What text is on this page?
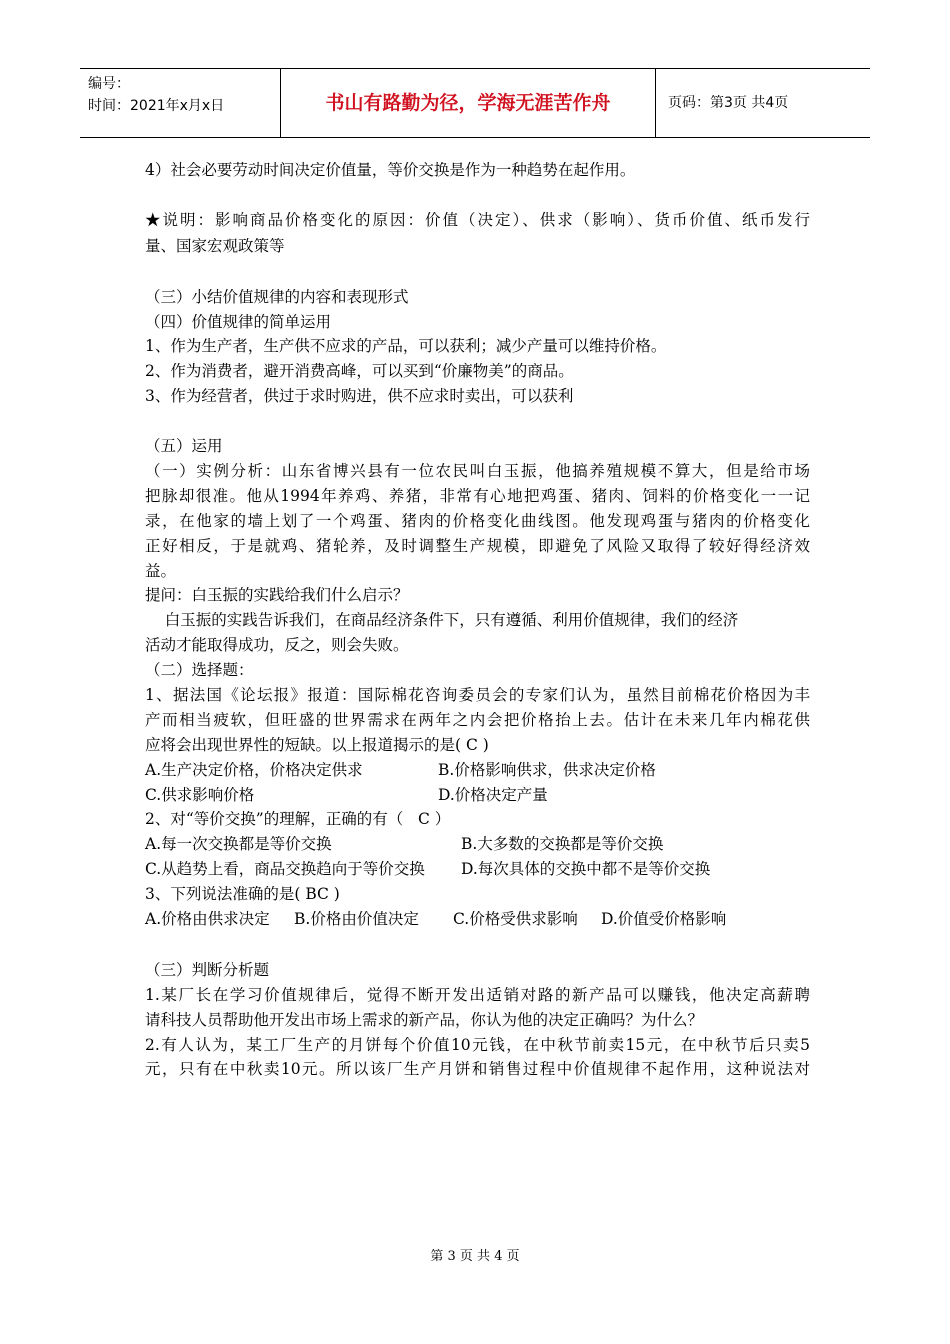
编号：
时间：2021年x月x日	书山有路勤为径，学海无涯苦作舟	页码：第3页 共4页
4）社会必要劳动时间决定价值量，等价交换是作为一种趋势在起作用。
★说明：影响商品价格变化的原因：价值（决定）、供求（影响）、货币价值、纸币发行
量、国家宏观政策等
（三）小结价值规律的内容和表现形式
（四）价值规律的简单运用
1、作为生产者，生产供不应求的产品，可以获利；减少产量可以维持价格。
2、作为消费者，避开消费高峰，可以买到“价廉物美”的商品。
3、作为经营者，供过于求时购进，供不应求时卖出，可以获利
（五）运用
（一）实例分析：山东省博兴县有一位农民叫白玉振，他搞养殖规模不算大，但是给市场
把脉却很准。他从1994年养鸡、养猪，非常有心地把鸡蛋、猪肉、饲料的价格变化一一记
录，在他家的墙上划了一个鸡蛋、猪肉的价格变化曲线图。他发现鸡蛋与猪肉的价格变化
正好相反，于是就鸡、猪轮养，及时调整生产规模，即避免了风险又取得了较好得经济效
益。
提问：白玉振的实践给我们什么启示？
白玉振的实践告诉我们，在商品经济条件下，只有遵循、利用价值规律，我们的经济
活动才能取得成功，反之，则会失败。
（二）选择题：
1、据法国《论坛报》报道：国际棉花咨询委员会的专家们认为，虽然目前棉花价格因为丰
产而相当疲软，但旺盛的世界需求在两年之内会把价格抬上去。估计在未来几年内棉花供
应将会出现世界性的短缺。以上报道揭示的是( C )
A.生产决定价格，价格决定供求	B.价格影响供求，供求决定价格
C.供求影响价格	D.价格决定产量
2、对“等价交换”的理解，正确的有（   C ）
A.每一次交换都是等价交换	B.大多数的交换都是等价交换
C.从趋势上看，商品交换趋向于等价交换 D.每次具体的交换中都不是等价交换
3、下列说法准确的是( BC )
A.价格由供求决定 B.价格由价值决定 C.价格受供求影响 D.价值受价格影响
（三）判断分析题
1.某厂长在学习价值规律后，觉得不断开发出适销对路的新产品可以赚钱，他决定高薪聘
请科技人员帮助他开发出市场上需求的新产品，你认为他的决定正确吗？为什么？
2.有人认为，某工厂生产的月饼每个价值10元钱，在中秋节前卖15元，在中秋节后只卖5
元，只有在中秋卖10元。所以该厂生产月饼和销售过程中价值规律不起作用，这种说法对
第 3 页 共 4 页
